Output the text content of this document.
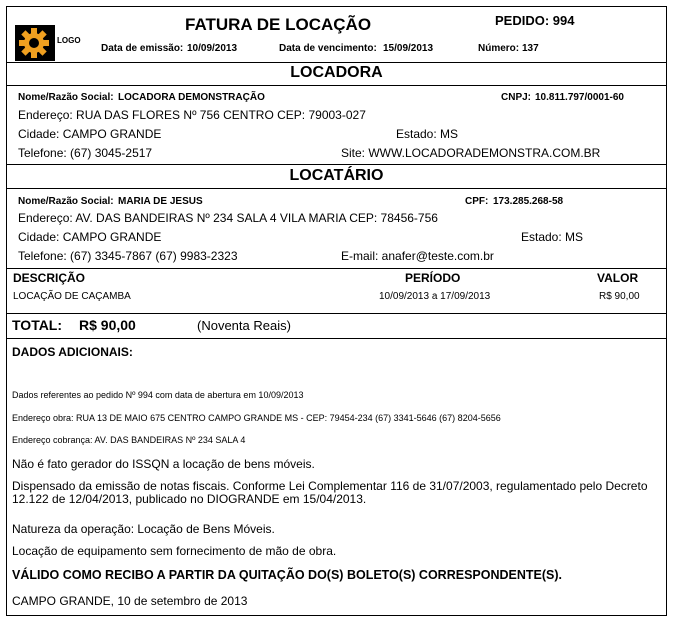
LOGO
FATURA DE LOCAÇÃO	PEDIDO: 994
Data de emissão: 10/09/2013	Data de vencimento: 15/09/2013	Número: 137
LOCADORA
Nome/Razão Social: LOCADORA DEMONSTRAÇÃO	CNPJ: 10.811.797/0001-60
Endereço: RUA DAS FLORES Nº 756 CENTRO CEP: 79003-027
Cidade: CAMPO GRANDE	Estado: MS
Telefone: (67) 3045-2517	Site: WWW.LOCADORADEMONSTRA.COM.BR
LOCATÁRIO
Nome/Razão Social: MARIA DE JESUS	CPF: 173.285.268-58
Endereço: AV. DAS BANDEIRAS Nº 234 SALA 4 VILA MARIA CEP: 78456-756
Cidade: CAMPO GRANDE	Estado: MS
Telefone: (67) 3345-7867 (67) 9983-2323	E-mail: anafer@teste.com.br
DESCRIÇÃO	PERÍODO	VALOR
LOCAÇÃO DE CAÇAMBA	10/09/2013 a 17/09/2013	R$ 90,00
TOTAL: R$ 90,00	(Noventa Reais)
DADOS ADICIONAIS:
Dados referentes ao pedido Nº 994 com data de abertura em 10/09/2013
Endereço obra: RUA 13 DE MAIO 675 CENTRO CAMPO GRANDE MS - CEP: 79454-234 (67) 3341-5646 (67) 8204-5656
Endereço cobrança: AV. DAS BANDEIRAS Nº 234 SALA 4
Não é fato gerador do ISSQN a locação de bens móveis.
Dispensado da emissão de notas fiscais. Conforme Lei Complementar 116 de 31/07/2003, regulamentado pelo Decreto
12.122 de 12/04/2013, publicado no DIOGRANDE em 15/04/2013.
Natureza da operação: Locação de Bens Móveis.
Locação de equipamento sem fornecimento de mão de obra.
VÁLIDO COMO RECIBO A PARTIR DA QUITAÇÃO DO(S) BOLETO(S) CORRESPONDENTE(S).
CAMPO GRANDE, 10 de setembro de 2013
